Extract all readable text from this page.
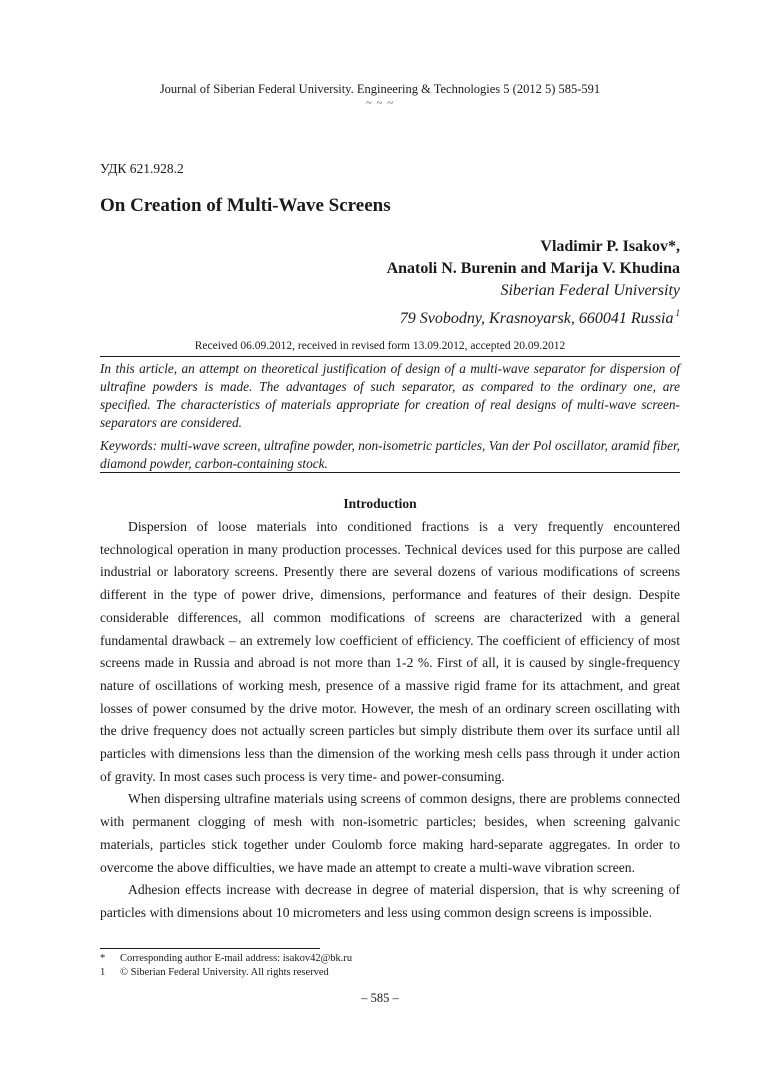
Journal of Siberian Federal University. Engineering & Technologies 5 (2012 5) 585-591
~ ~ ~
УДК 621.928.2
On Creation of Multi-Wave Screens
Vladimir P. Isakov*,
Anatoli N. Burenin and Marija V. Khudina
Siberian Federal University
79 Svobodny, Krasnoyarsk, 660041 Russia $^1$
Received 06.09.2012, received in revised form 13.09.2012, accepted 20.09.2012

In this article, an attempt on theoretical justification of design of a multi-wave separator for dispersion of ultrafine powders is made. The advantages of such separator, as compared to the ordinary one, are specified. The characteristics of materials appropriate for creation of real designs of multi-wave screen-separators are considered.

Keywords: multi-wave screen, ultrafine powder, non-isometric particles, Van der Pol oscillator, aramid fiber, diamond powder, carbon-containing stock.

Introduction

Dispersion of loose materials into conditioned fractions is a very frequently encountered technological operation in many production processes. Technical devices used for this purpose are called industrial or laboratory screens. Presently there are several dozens of various modifications of screens different in the type of power drive, dimensions, performance and features of their design. Despite considerable differences, all common modifications of screens are characterized with a general fundamental drawback – an extremely low coefficient of efficiency. The coefficient of efficiency of most screens made in Russia and abroad is not more than 1-2 %. First of all, it is caused by single-frequency nature of oscillations of working mesh, presence of a massive rigid frame for its attachment, and great losses of power consumed by the drive motor. However, the mesh of an ordinary screen oscillating with the drive frequency does not actually screen particles but simply distribute them over its surface until all particles with dimensions less than the dimension of the working mesh cells pass through it under action of gravity. In most cases such process is very time- and power-consuming.

When dispersing ultrafine materials using screens of common designs, there are problems connected with permanent clogging of mesh with non-isometric particles; besides, when screening galvanic materials, particles stick together under Coulomb force making hard-separate aggregates. In order to overcome the above difficulties, we have made an attempt to create a multi-wave vibration screen.

Adhesion effects increase with decrease in degree of material dispersion, that is why screening of particles with dimensions about 10 micrometers and less using common design screens is impossible.

*	Corresponding author E-mail address: isakov42@bk.ru
1	© Siberian Federal University. All rights reserved
– 585 –
